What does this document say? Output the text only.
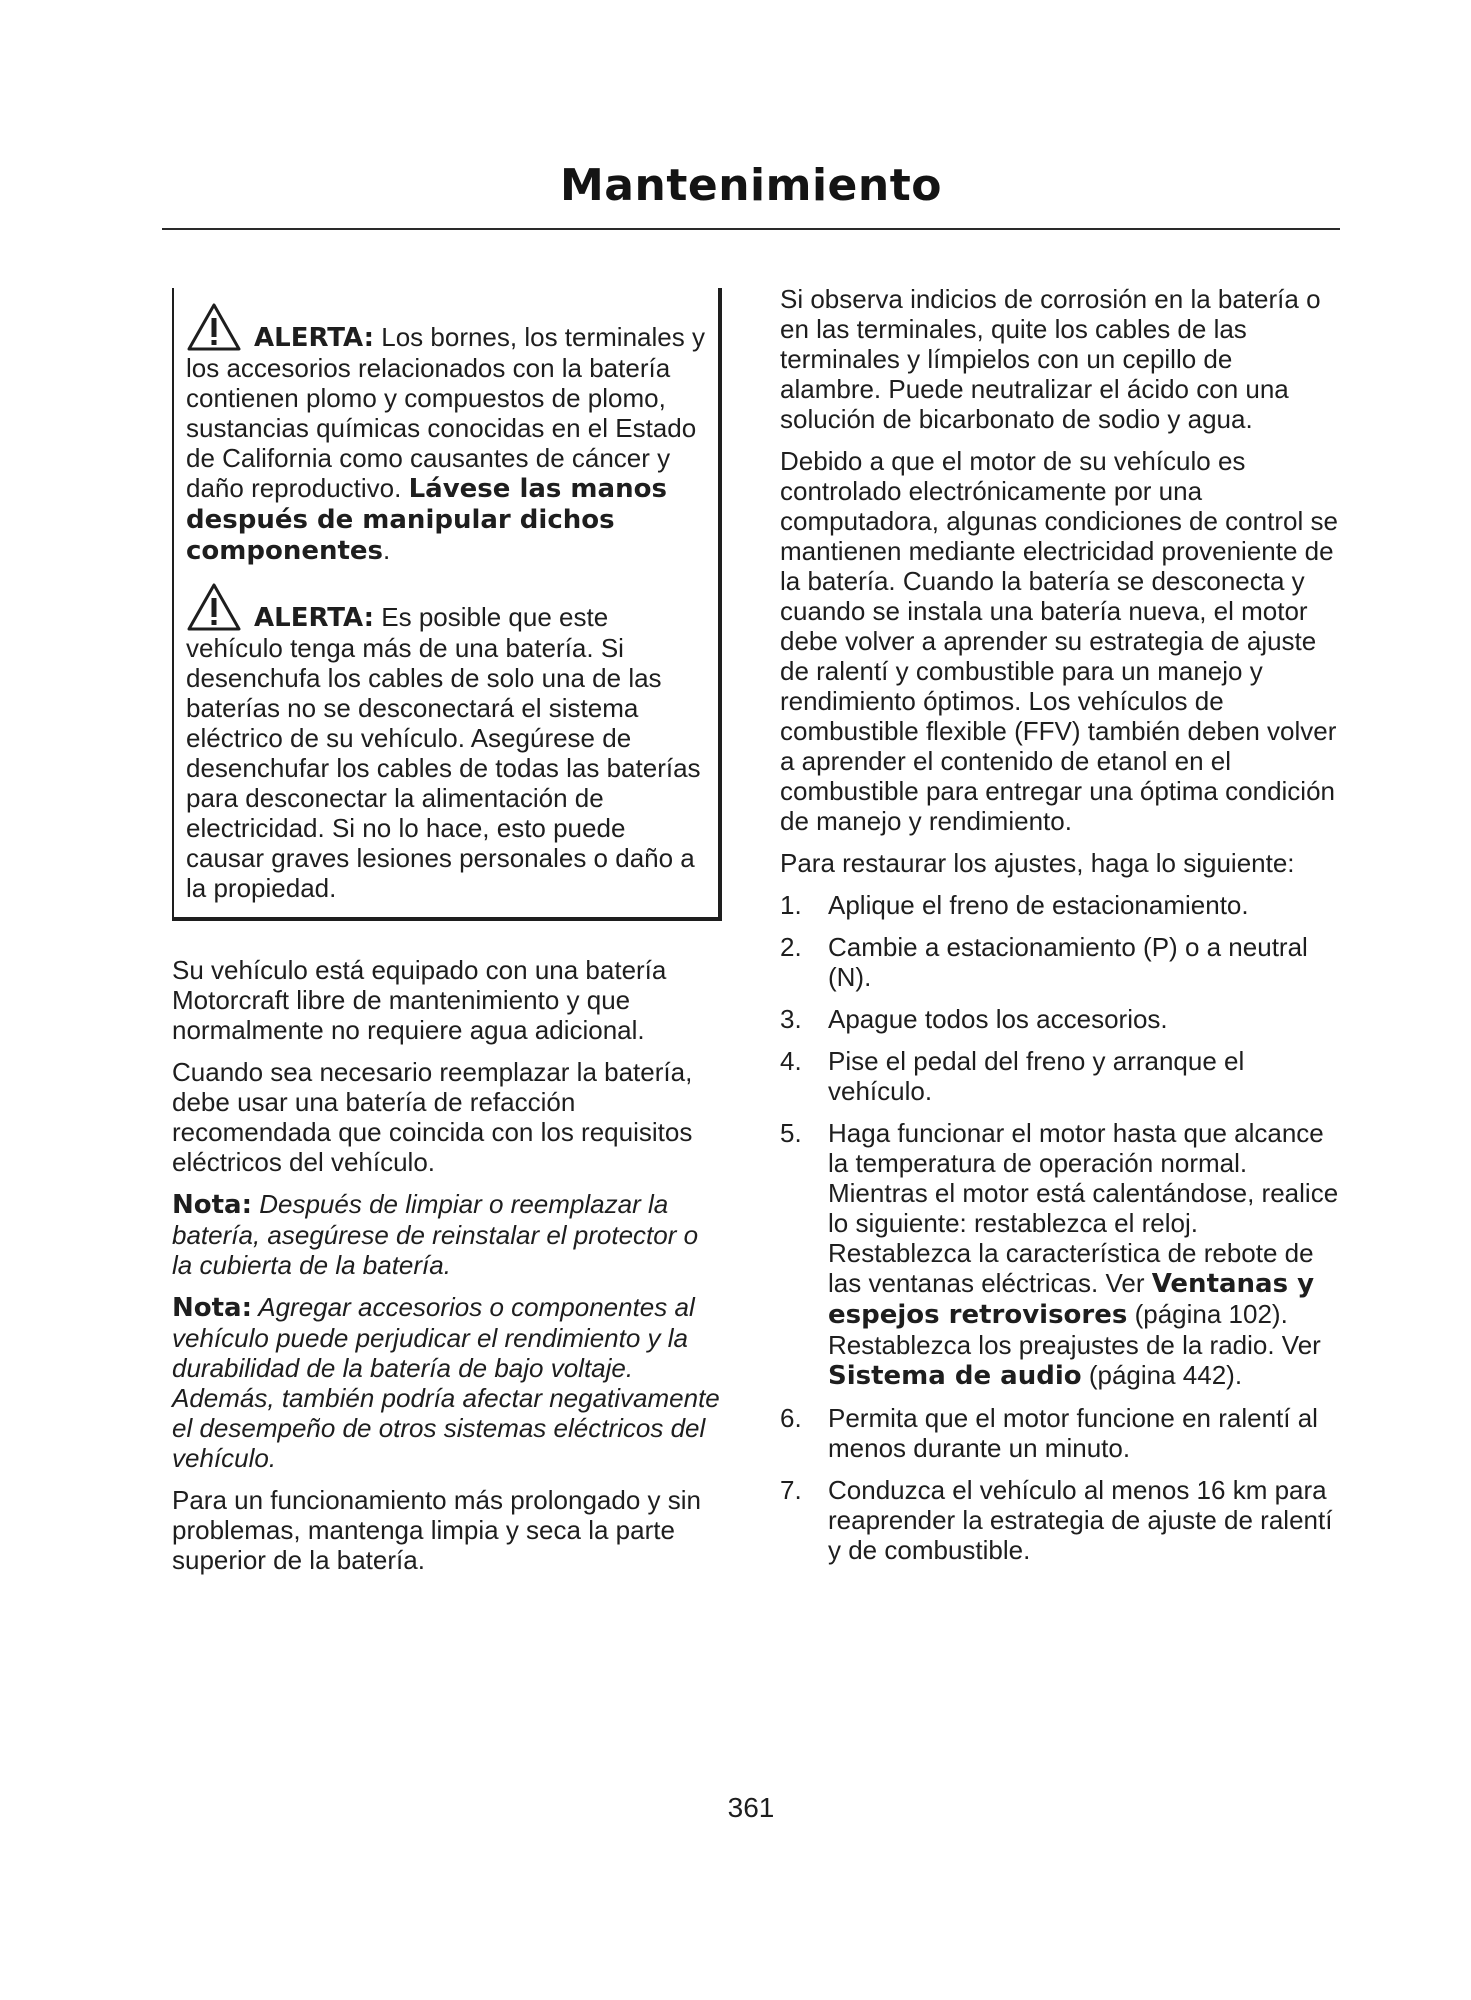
Mantenimiento

ALERTA: Los bornes, los terminales y los accesorios relacionados con la batería contienen plomo y compuestos de plomo, sustancias químicas conocidas en el Estado de California como causantes de cáncer y daño reproductivo. Lávese las manos después de manipular dichos componentes.

ALERTA: Es posible que este vehículo tenga más de una batería. Si desenchufa los cables de solo una de las baterías no se desconectará el sistema eléctrico de su vehículo. Asegúrese de desenchufar los cables de todas las baterías para desconectar la alimentación de electricidad. Si no lo hace, esto puede causar graves lesiones personales o daño a la propiedad.

Su vehículo está equipado con una batería Motorcraft libre de mantenimiento y que normalmente no requiere agua adicional.

Cuando sea necesario reemplazar la batería, debe usar una batería de refacción recomendada que coincida con los requisitos eléctricos del vehículo.

Nota: Después de limpiar o reemplazar la batería, asegúrese de reinstalar el protector o la cubierta de la batería.

Nota: Agregar accesorios o componentes al vehículo puede perjudicar el rendimiento y la durabilidad de la batería de bajo voltaje. Además, también podría afectar negativamente el desempeño de otros sistemas eléctricos del vehículo.

Para un funcionamiento más prolongado y sin problemas, mantenga limpia y seca la parte superior de la batería.

Si observa indicios de corrosión en la batería o en las terminales, quite los cables de las terminales y límpielos con un cepillo de alambre. Puede neutralizar el ácido con una solución de bicarbonato de sodio y agua.

Debido a que el motor de su vehículo es controlado electrónicamente por una computadora, algunas condiciones de control se mantienen mediante electricidad proveniente de la batería. Cuando la batería se desconecta y cuando se instala una batería nueva, el motor debe volver a aprender su estrategia de ajuste de ralentí y combustible para un manejo y rendimiento óptimos. Los vehículos de combustible flexible (FFV) también deben volver a aprender el contenido de etanol en el combustible para entregar una óptima condición de manejo y rendimiento.

Para restaurar los ajustes, haga lo siguiente:

1. Aplique el freno de estacionamiento.
2. Cambie a estacionamiento (P) o a neutral (N).
3. Apague todos los accesorios.
4. Pise el pedal del freno y arranque el vehículo.
5. Haga funcionar el motor hasta que alcance la temperatura de operación normal. Mientras el motor está calentándose, realice lo siguiente: restablezca el reloj. Restablezca la característica de rebote de las ventanas eléctricas. Ver Ventanas y espejos retrovisores (página 102). Restablezca los preajustes de la radio. Ver Sistema de audio (página 442).
6. Permita que el motor funcione en ralentí al menos durante un minuto.
7. Conduzca el vehículo al menos 16 km para reaprender la estrategia de ajuste de ralentí y de combustible.
361
